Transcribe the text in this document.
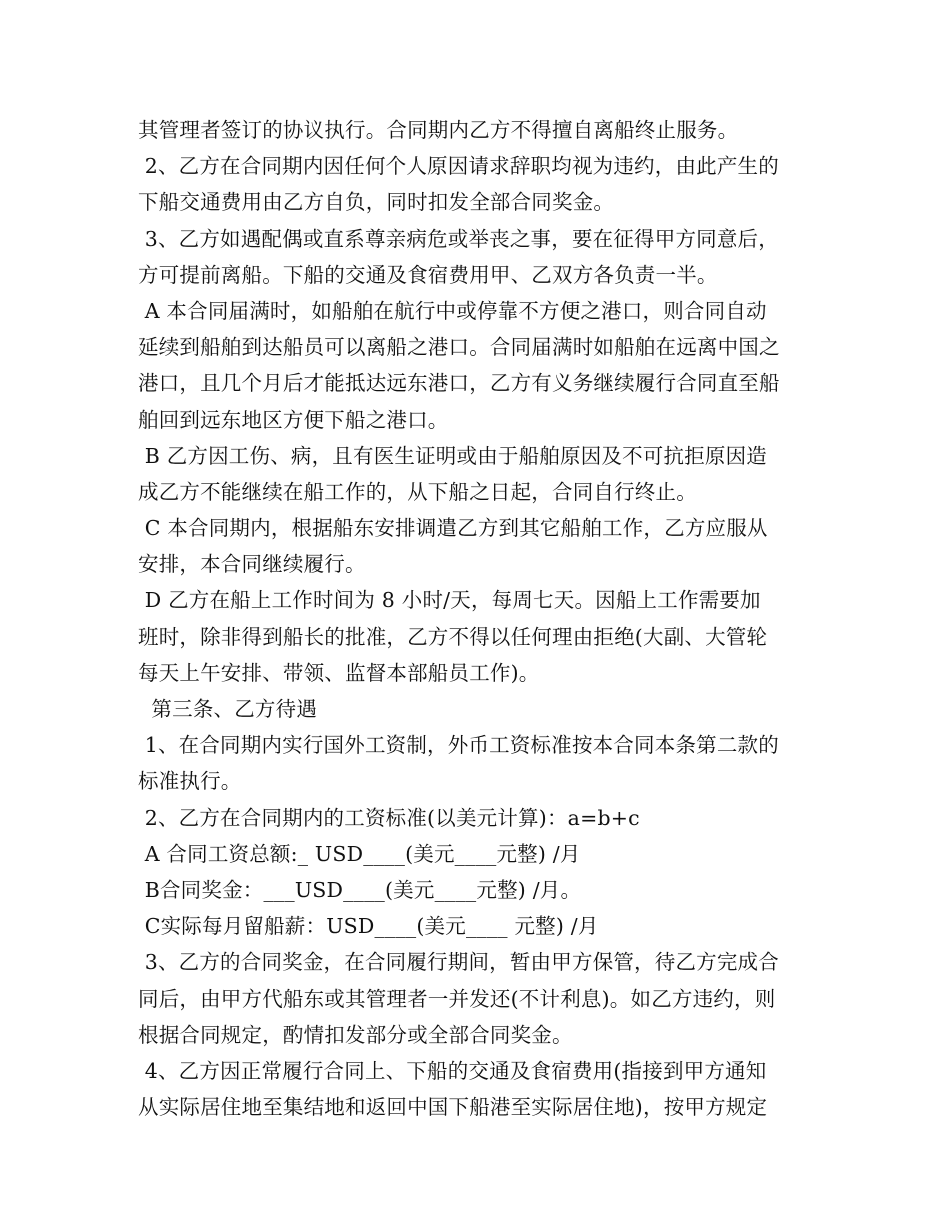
其管理者签订的协议执行。合同期内乙方不得擅自离船终止服务。
2、乙方在合同期内因任何个人原因请求辞职均视为违约，由此产生的
下船交通费用由乙方自负，同时扣发全部合同奖金。
3、乙方如遇配偶或直系尊亲病危或举丧之事，要在征得甲方同意后，
方可提前离船。下船的交通及食宿费用甲、乙双方各负责一半。
A 本合同届满时，如船舶在航行中或停靠不方便之港口，则合同自动
延续到船舶到达船员可以离船之港口。合同届满时如船舶在远离中国之
港口，且几个月后才能抵达远东港口，乙方有义务继续履行合同直至船
舶回到远东地区方便下船之港口。
B 乙方因工伤、病，且有医生证明或由于船舶原因及不可抗拒原因造
成乙方不能继续在船工作的，从下船之日起，合同自行终止。
C 本合同期内，根据船东安排调遣乙方到其它船舶工作，乙方应服从
安排，本合同继续履行。
D 乙方在船上工作时间为 8 小时/天，每周七天。因船上工作需要加
班时，除非得到船长的批准，乙方不得以任何理由拒绝(大副、大管轮
每天上午安排、带领、监督本部船员工作)。
第三条、乙方待遇
1、在合同期内实行国外工资制，外币工资标准按本合同本条第二款的
标准执行。
2、乙方在合同期内的工资标准(以美元计算)：a=b+c
A 合同工资总额:_ USD____(美元____元整) /月
B合同奖金：___USD____(美元____元整) /月。
C实际每月留船薪：USD____(美元____ 元整) /月
3、乙方的合同奖金，在合同履行期间，暂由甲方保管，待乙方完成合
同后，由甲方代船东或其管理者一并发还(不计利息)。如乙方违约，则
根据合同规定，酌情扣发部分或全部合同奖金。
4、乙方因正常履行合同上、下船的交通及食宿费用(指接到甲方通知
从实际居住地至集结地和返回中国下船港至实际居住地)，按甲方规定
